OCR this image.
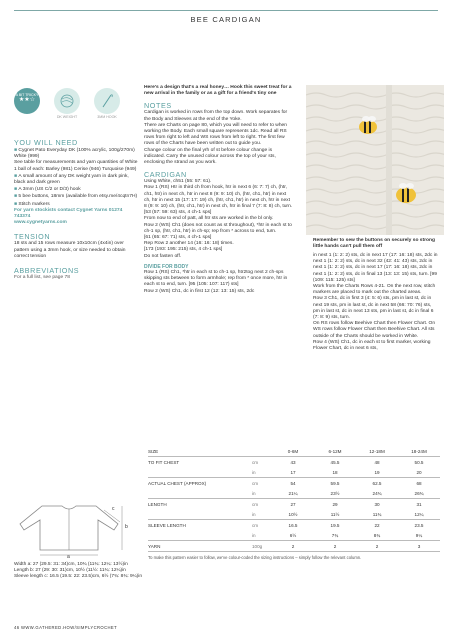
BEE CARDIGAN
A BIT TRICKY
★★☆
DK WEIGHT	3MM HOOK
YOU WILL NEED

■ Cygnet Pato Everyday DK (100% acrylic, 100g/270m) White (999)

See table for measurements and yarn quantities of White

1 ball of each: Barley (981) Cerise (946) Turquoise (949)

■ A small amount of any DK weight yarn in dark pink, black and dark green

■ A 3mm (US C/2 or D/3) hook

■ 5 bee buttons, 18mm (available from etsy.me/4cqtn7H)

■ Stitch markers

For yarn stockists contact Cygnet Yarns 01274 743374

www.cygnetyarns.com

TENSION

18 sts and 15 rows measure 10x10cm (4x4in) over pattern using a 3mm hook, or size needed to obtain correct tension

ABBREVIATIONS

For a full list, see page 78

Here's a design that's a real honey… Hook this sweet treat for a new arrival in the family or as a gift for a friend's tiny one

NOTES

Cardigan is worked in rows from the top down. Work separates for the Body and Sleeves at the end of the Yoke.

There are Charts on page 80, which you will need to refer to when working the Body. Each small square represents 1dc. Read all RS rows from right to left and WS rows from left to right. The first few rows of the Charts have been written out to guide you.

Change colour on the final yrh of st before colour change is indicated. Carry the unused colour across the top of your sts, enclosing the strand as you work.

CARDIGAN

Using White, ch51 (55: 57: 61).

Row 1 (RS) Htr in third ch from hook, htr in next 6 (6: 7: 7) ch, (htr, ch1, htr) in next ch, htr in next 8 (9: 9: 10) ch, (htr, ch1, htr) in next ch, htr in next 15 (17: 17: 19) ch, (htr, ch1, htr) in next ch, htr in next 8 (9: 9: 10) ch, (htr, ch1, htr) in next ch, htr in final 7 (7: 8: 8) ch, turn.

[53 (57: 59: 63) sts, 4 ch-1 sps]

From now to end of patt, all htr sts are worked in the bl only.

Row 2 (WS) Ch1 (does not count as st throughout), *htr in each st to ch-1 sp, (htr, ch1, htr) in ch-sp; rep from * across to end, turn.

[61 (65: 67: 71) sts, 4 ch-1 sps]

Rep Row 2 another 14 (16: 16: 18) times.

[173 (193: 195: 215) sts, 4 ch-1 sps]

Do not fasten off.

DIVIDE FOR BODY

Row 1 (RS) Ch1, *htr in each st to ch-1 sp, htr2tog next 2 ch-sps skipping sts between to form armhole; rep from * once more, htr in each st to end, turn. [95 (105: 107: 117) sts]

Row 2 (WS) Ch1, dc in first 12 (12: 13: 15) sts, 2dc

Remember to sew the buttons on securely so strong little hands can't pull them off

in next 1 (1: 2: 2) sts, dc in next 17 (17: 16: 18) sts, 2dc in next 1 (1: 2: 2) sts, dc in next 32 (42: 41: 43) sts, 2dc in next 1 (1: 2: 2) sts, dc in next 17 (17: 16: 18) sts, 2dc in next 1 (1: 2: 2) sts, dc in final 13 (13: 13: 15) sts, turn. [99 (109: 115: 125) sts]

Work from the Charts Rows 4-21. On the next row, stitch markers are placed to mark out the charted areas.

Row 3 Ch1, dc in first 3 (4: 5: 6) sts, pm in last st, dc in next 19 sts, pm in last st, dc in next 58 (66: 70: 76) sts, pm in last st, dc in next 13 sts, pm in last st, dc in final 6 (7: 8: 9) sts, turn.

On RS rows follow Beehive Chart then Flower Chart. On WS rows follow Flower Chart then Beehive Chart. All sts outside of the Charts should be worked in White.

Row 4 (WS) Ch1, dc in each st to first marker, working Flower Chart, dc in next 6 sts,

SIZE		0-6M	6-12M	12-18M	18-24M
TO FIT CHEST	cm	43	45.5	48	50.5
	in	17	18	19	20
ACTUAL CHEST (APPROX)	cm	54	59.5	62.5	68
	in	21¼	23½	24¾	26¾
LENGTH	cm	27	29	30	31
	in	10½	11½	11¾	12¼
SLEEVE LENGTH	cm	16.5	19.5	22	23.5
	in	6½	7¾	8¾	9¼
YARN	100g	2	2	2	3
To make this pattern easier to follow, we've colour-coded the sizing instructions – simply follow the relevant column.
a
b
c

Width a: 27 (29.5: 31: 34)cm, 10¾ (11¾: 12¼: 13½)in

Length b: 27 (29: 30: 31)cm, 10½ (11½: 11¾: 12¼)in

Sleeve length c: 16.5 (19.5: 22: 23.5)cm, 6½ (7¾: 8¾: 9¼)in

46 WWW.GATHERED.HOW/SIMPLYCROCHET
